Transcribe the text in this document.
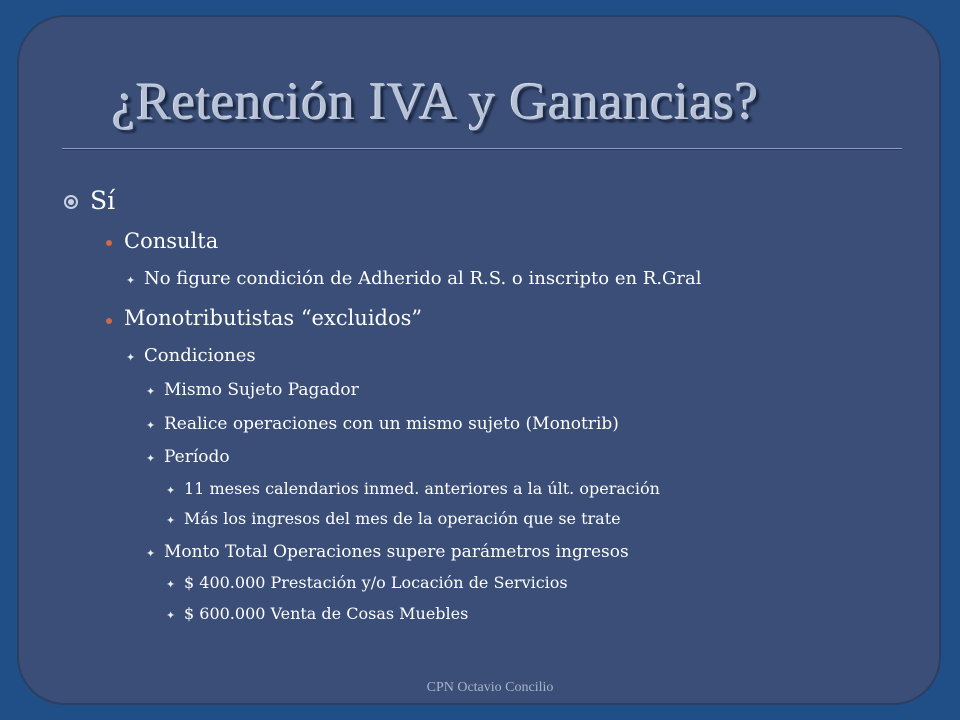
¿Retención IVA y Ganancias?
Sí
Consulta
✦ No figure condición de Adherido al R.S. o inscripto en R.Gral
Monotributistas “excluidos”
✦ Condiciones
✦ Mismo Sujeto Pagador
✦ Realice operaciones con un mismo sujeto (Monotrib)
✦ Período
✦ 11 meses calendarios inmed. anteriores a la últ. operación
✦ Más los ingresos del mes de la operación que se trate
✦ Monto Total Operaciones supere parámetros ingresos
✦ $ 400.000 Prestación y/o Locación de Servicios
✦ $ 600.000 Venta de Cosas Muebles
CPN Octavio Concilio
